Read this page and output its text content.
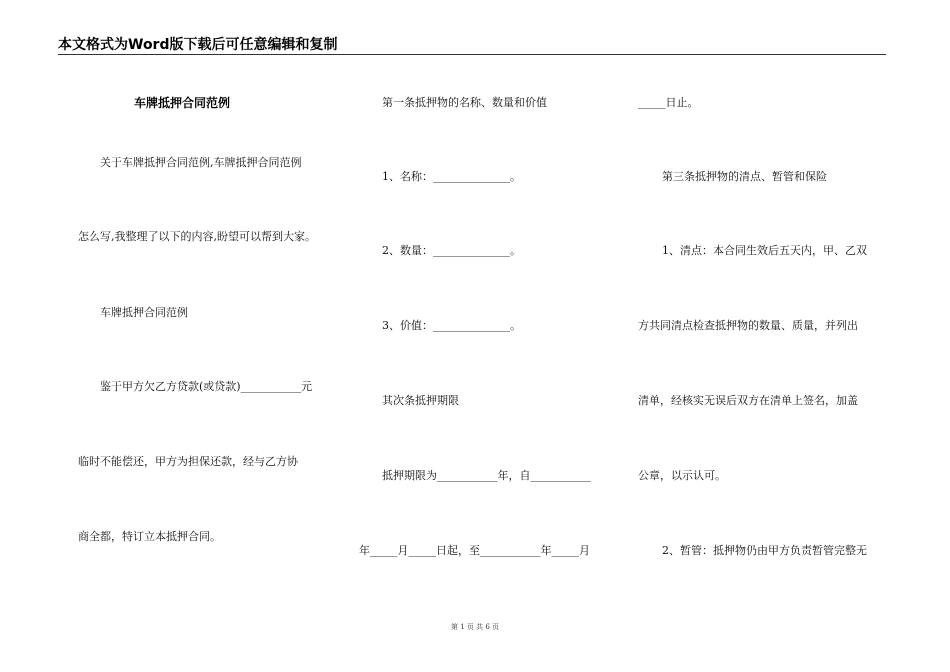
本文格式为Word版下载后可任意编辑和复制
车牌抵押合同范例
关于车牌抵押合同范例,车牌抵押合同范例
怎么写,我整理了以下的内容,盼望可以帮到大家。
车牌抵押合同范例
鉴于甲方欠乙方贷款(或贷款)___________元
临时不能偿还，甲方为担保还款，经与乙方协
商全都，特订立本抵押合同。
第一条抵押物的名称、数量和价值
1、名称：______________。
2、数量：______________。
3、价值：______________。
其次条抵押期限
抵押期限为___________年，自___________
年_____月_____日起，至___________年_____月
_____日止。
第三条抵押物的清点、暂管和保险
1、清点：本合同生效后五天内，甲、乙双
方共同清点检查抵押物的数量、质量，并列出
清单，经核实无误后双方在清单上签名，加盖
公章，以示认可。
2、暂管：抵押物仍由甲方负责暂管完整无
第 1 页 共 6 页
